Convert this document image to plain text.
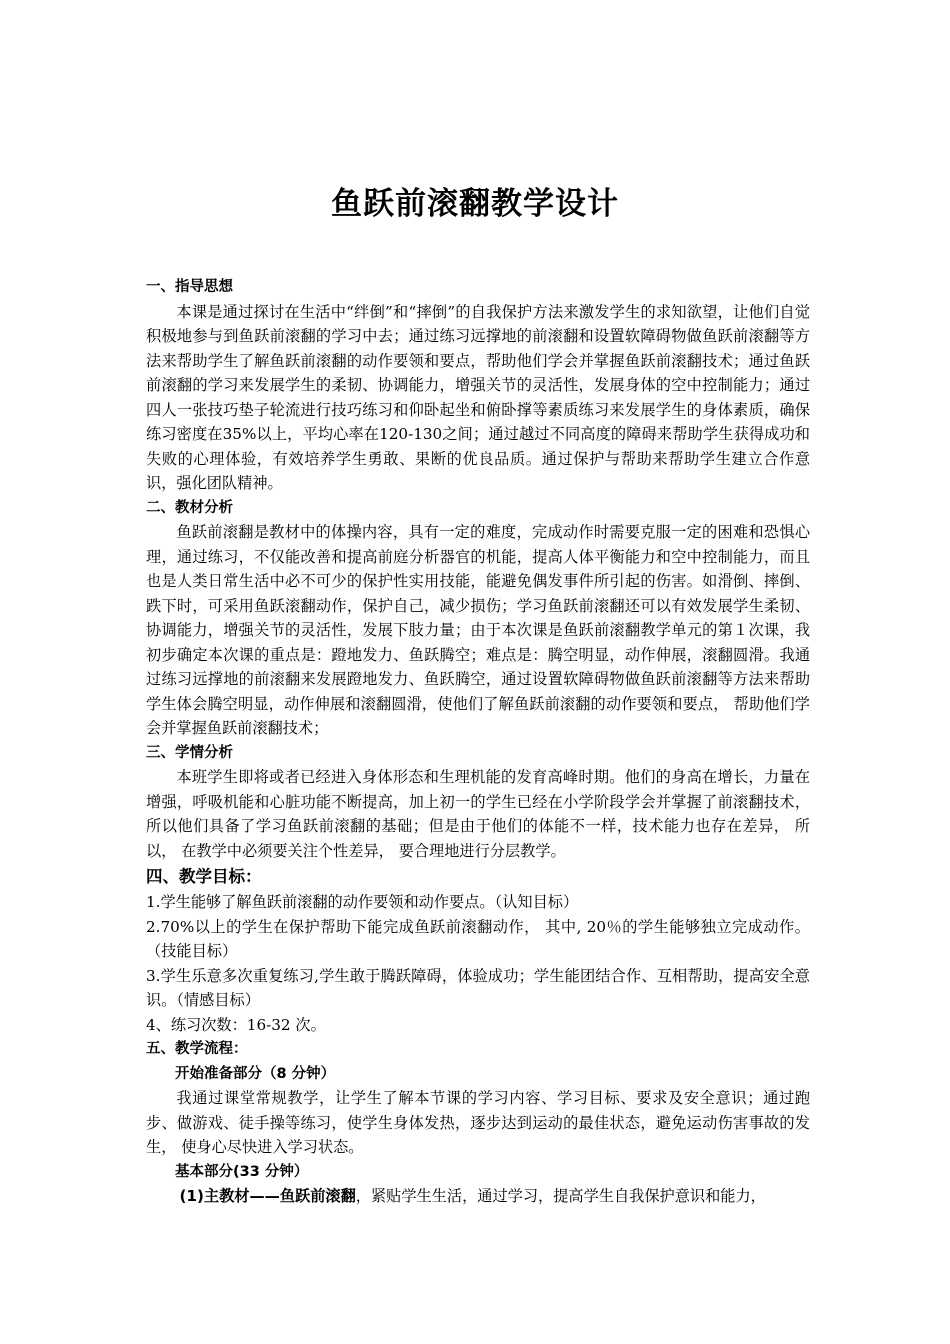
鱼跃前滚翻教学设计

一、指导思想

本课是通过探讨在生活中“绊倒”和“摔倒”的自我保护方法来激发学生的求知欲望，让他们自觉积极地参与到鱼跃前滚翻的学习中去；通过练习远撑地的前滚翻和设置软障碍物做鱼跃前滚翻等方法来帮助学生了解鱼跃前滚翻的动作要领和要点，帮助他们学会并掌握鱼跃前滚翻技术；通过鱼跃前滚翻的学习来发展学生的柔韧、协调能力，增强关节的灵活性，发展身体的空中控制能力；通过四人一张技巧垫子轮流进行技巧练习和仰卧起坐和俯卧撑等素质练习来发展学生的身体素质，确保练习密度在35%以上，平均心率在120-130之间；通过越过不同高度的障碍来帮助学生获得成功和失败的心理体验，有效培养学生勇敢、果断的优良品质。通过保护与帮助来帮助学生建立合作意识，强化团队精神。

二、教材分析

鱼跃前滚翻是教材中的体操内容，具有一定的难度，完成动作时需要克服一定的困难和恐惧心理，通过练习，不仅能改善和提高前庭分析器官的机能，提高人体平衡能力和空中控制能力，而且也是人类日常生活中必不可少的保护性实用技能，能避免偶发事件所引起的伤害。如滑倒、摔倒、跌下时，可采用鱼跃滚翻动作，保护自己，减少损伤；学习鱼跃前滚翻还可以有效发展学生柔韧、协调能力，增强关节的灵活性，发展下肢力量；由于本次课是鱼跃前滚翻教学单元的第１次课，我初步确定本次课的重点是：蹬地发力、鱼跃腾空；难点是：腾空明显，动作伸展，滚翻圆滑。我通过练习远撑地的前滚翻来发展蹬地发力、鱼跃腾空，通过设置软障碍物做鱼跃前滚翻等方法来帮助学生体会腾空明显，动作伸展和滚翻圆滑，使他们了解鱼跃前滚翻的动作要领和要点， 帮助他们学会并掌握鱼跃前滚翻技术；

三、学情分析

本班学生即将或者已经进入身体形态和生理机能的发育高峰时期。他们的身高在增长，力量在增强，呼吸机能和心脏功能不断提高，加上初一的学生已经在小学阶段学会并掌握了前滚翻技术，所以他们具备了学习鱼跃前滚翻的基础；但是由于他们的体能不一样，技术能力也存在差异， 所以， 在教学中必须要关注个性差异， 要合理地进行分层教学。

四、教学目标：

1.学生能够了解鱼跃前滚翻的动作要领和动作要点。（认知目标）

2.70%以上的学生在保护帮助下能完成鱼跃前滚翻动作， 其中, 20％的学生能够独立完成动作。（技能目标）

3.学生乐意多次重复练习,学生敢于腾跃障碍，体验成功；学生能团结合作、互相帮助，提高安全意识。（情感目标）

4、练习次数：16-32 次。

五、教学流程：

开始准备部分（8 分钟）

我通过课堂常规教学，让学生了解本节课的学习内容、学习目标、要求及安全意识；通过跑步、做游戏、徒手操等练习，使学生身体发热，逐步达到运动的最佳状态，避免运动伤害事故的发生， 使身心尽快进入学习状态。

基本部分(33 分钟）

(1)主教材——鱼跃前滚翻，紧贴学生生活，通过学习，提高学生自我保护意识和能力，
